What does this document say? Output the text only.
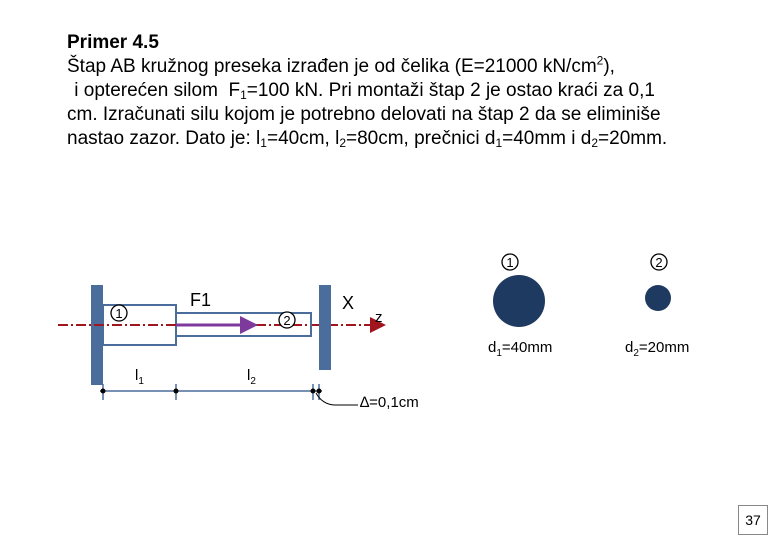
Primer 4.5

Štap AB kružnog preseka izrađen je od čelika (E=21000 $kN/cm^2$),

i opterećen silom  $F_1=100$ kN. Pri montaži štap 2 je ostao kraći za 0,1

cm. Izračunati silu kojom je potrebno delovati na štap 2 da se eliminiše

nastao zazor. Dato je: $l_1=40cm$, $l_2=80cm$, prečnici $d_1=40mm$ i $d_2=20mm$.

1	2
F1	X
z
$l_1$	$l_2$
∆=0,1cm
1	2
$d_1=40mm$	$d_2=20mm$
37
